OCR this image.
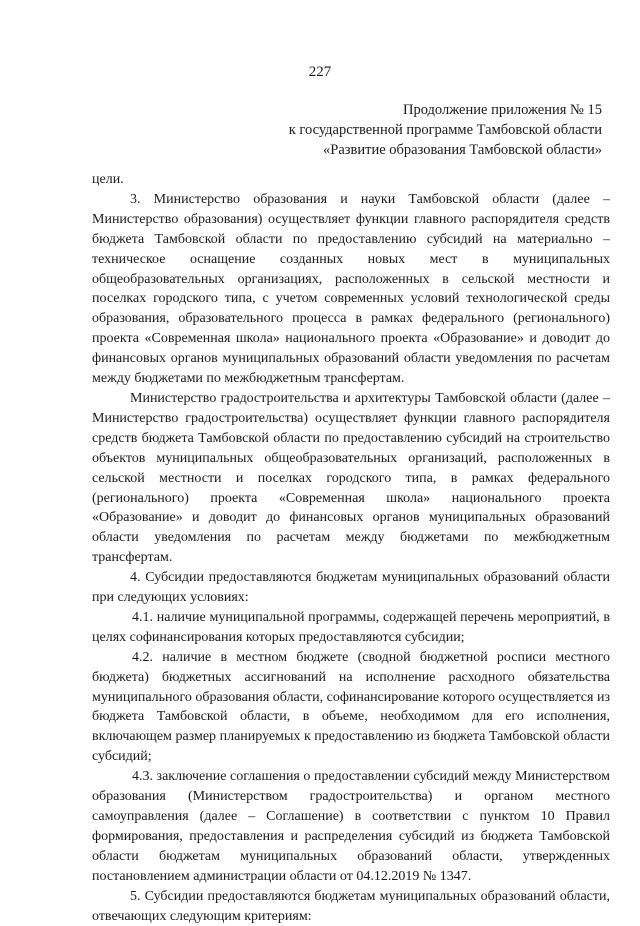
227
Продолжение приложения № 15
к государственной программе Тамбовской области
«Развитие образования Тамбовской области»

цели.

3. Министерство образования и науки Тамбовской области (далее – Министерство образования) осуществляет функции главного распорядителя средств бюджета Тамбовской области по предоставлению субсидий на материально – техническое оснащение созданных новых мест в муниципальных общеобразовательных организациях, расположенных в сельской местности и поселках городского типа, с учетом современных условий технологической среды образования, образовательного процесса в рамках федерального (регионального) проекта «Современная школа» национального проекта «Образование» и доводит до финансовых органов муниципальных образований области уведомления по расчетам между бюджетами по межбюджетным трансфертам.

Министерство градостроительства и архитектуры Тамбовской области (далее – Министерство градостроительства) осуществляет функции главного распорядителя средств бюджета Тамбовской области по предоставлению субсидий на строительство объектов муниципальных общеобразовательных организаций, расположенных в сельской местности и поселках городского типа, в рамках федерального (регионального) проекта «Современная школа» национального проекта «Образование» и доводит до финансовых органов муниципальных образований области уведомления по расчетам между бюджетами по межбюджетным трансфертам.

4. Субсидии предоставляются бюджетам муниципальных образований области при следующих условиях:

4.1. наличие муниципальной программы, содержащей перечень мероприятий, в целях софинансирования которых предоставляются субсидии;

4.2. наличие в местном бюджете (сводной бюджетной росписи местного бюджета) бюджетных ассигнований на исполнение расходного обязательства муниципального образования области, софинансирование которого осуществляется из бюджета Тамбовской области, в объеме, необходимом для его исполнения, включающем размер планируемых к предоставлению из бюджета Тамбовской области субсидий;

4.3. заключение соглашения о предоставлении субсидий между Министерством образования (Министерством градостроительства) и органом местного самоуправления (далее – Соглашение) в соответствии с пунктом 10 Правил формирования, предоставления и распределения субсидий из бюджета Тамбовской области бюджетам муниципальных образований области, утвержденных постановлением администрации области от 04.12.2019 № 1347.

5. Субсидии предоставляются бюджетам муниципальных образований области, отвечающих следующим критериям:
